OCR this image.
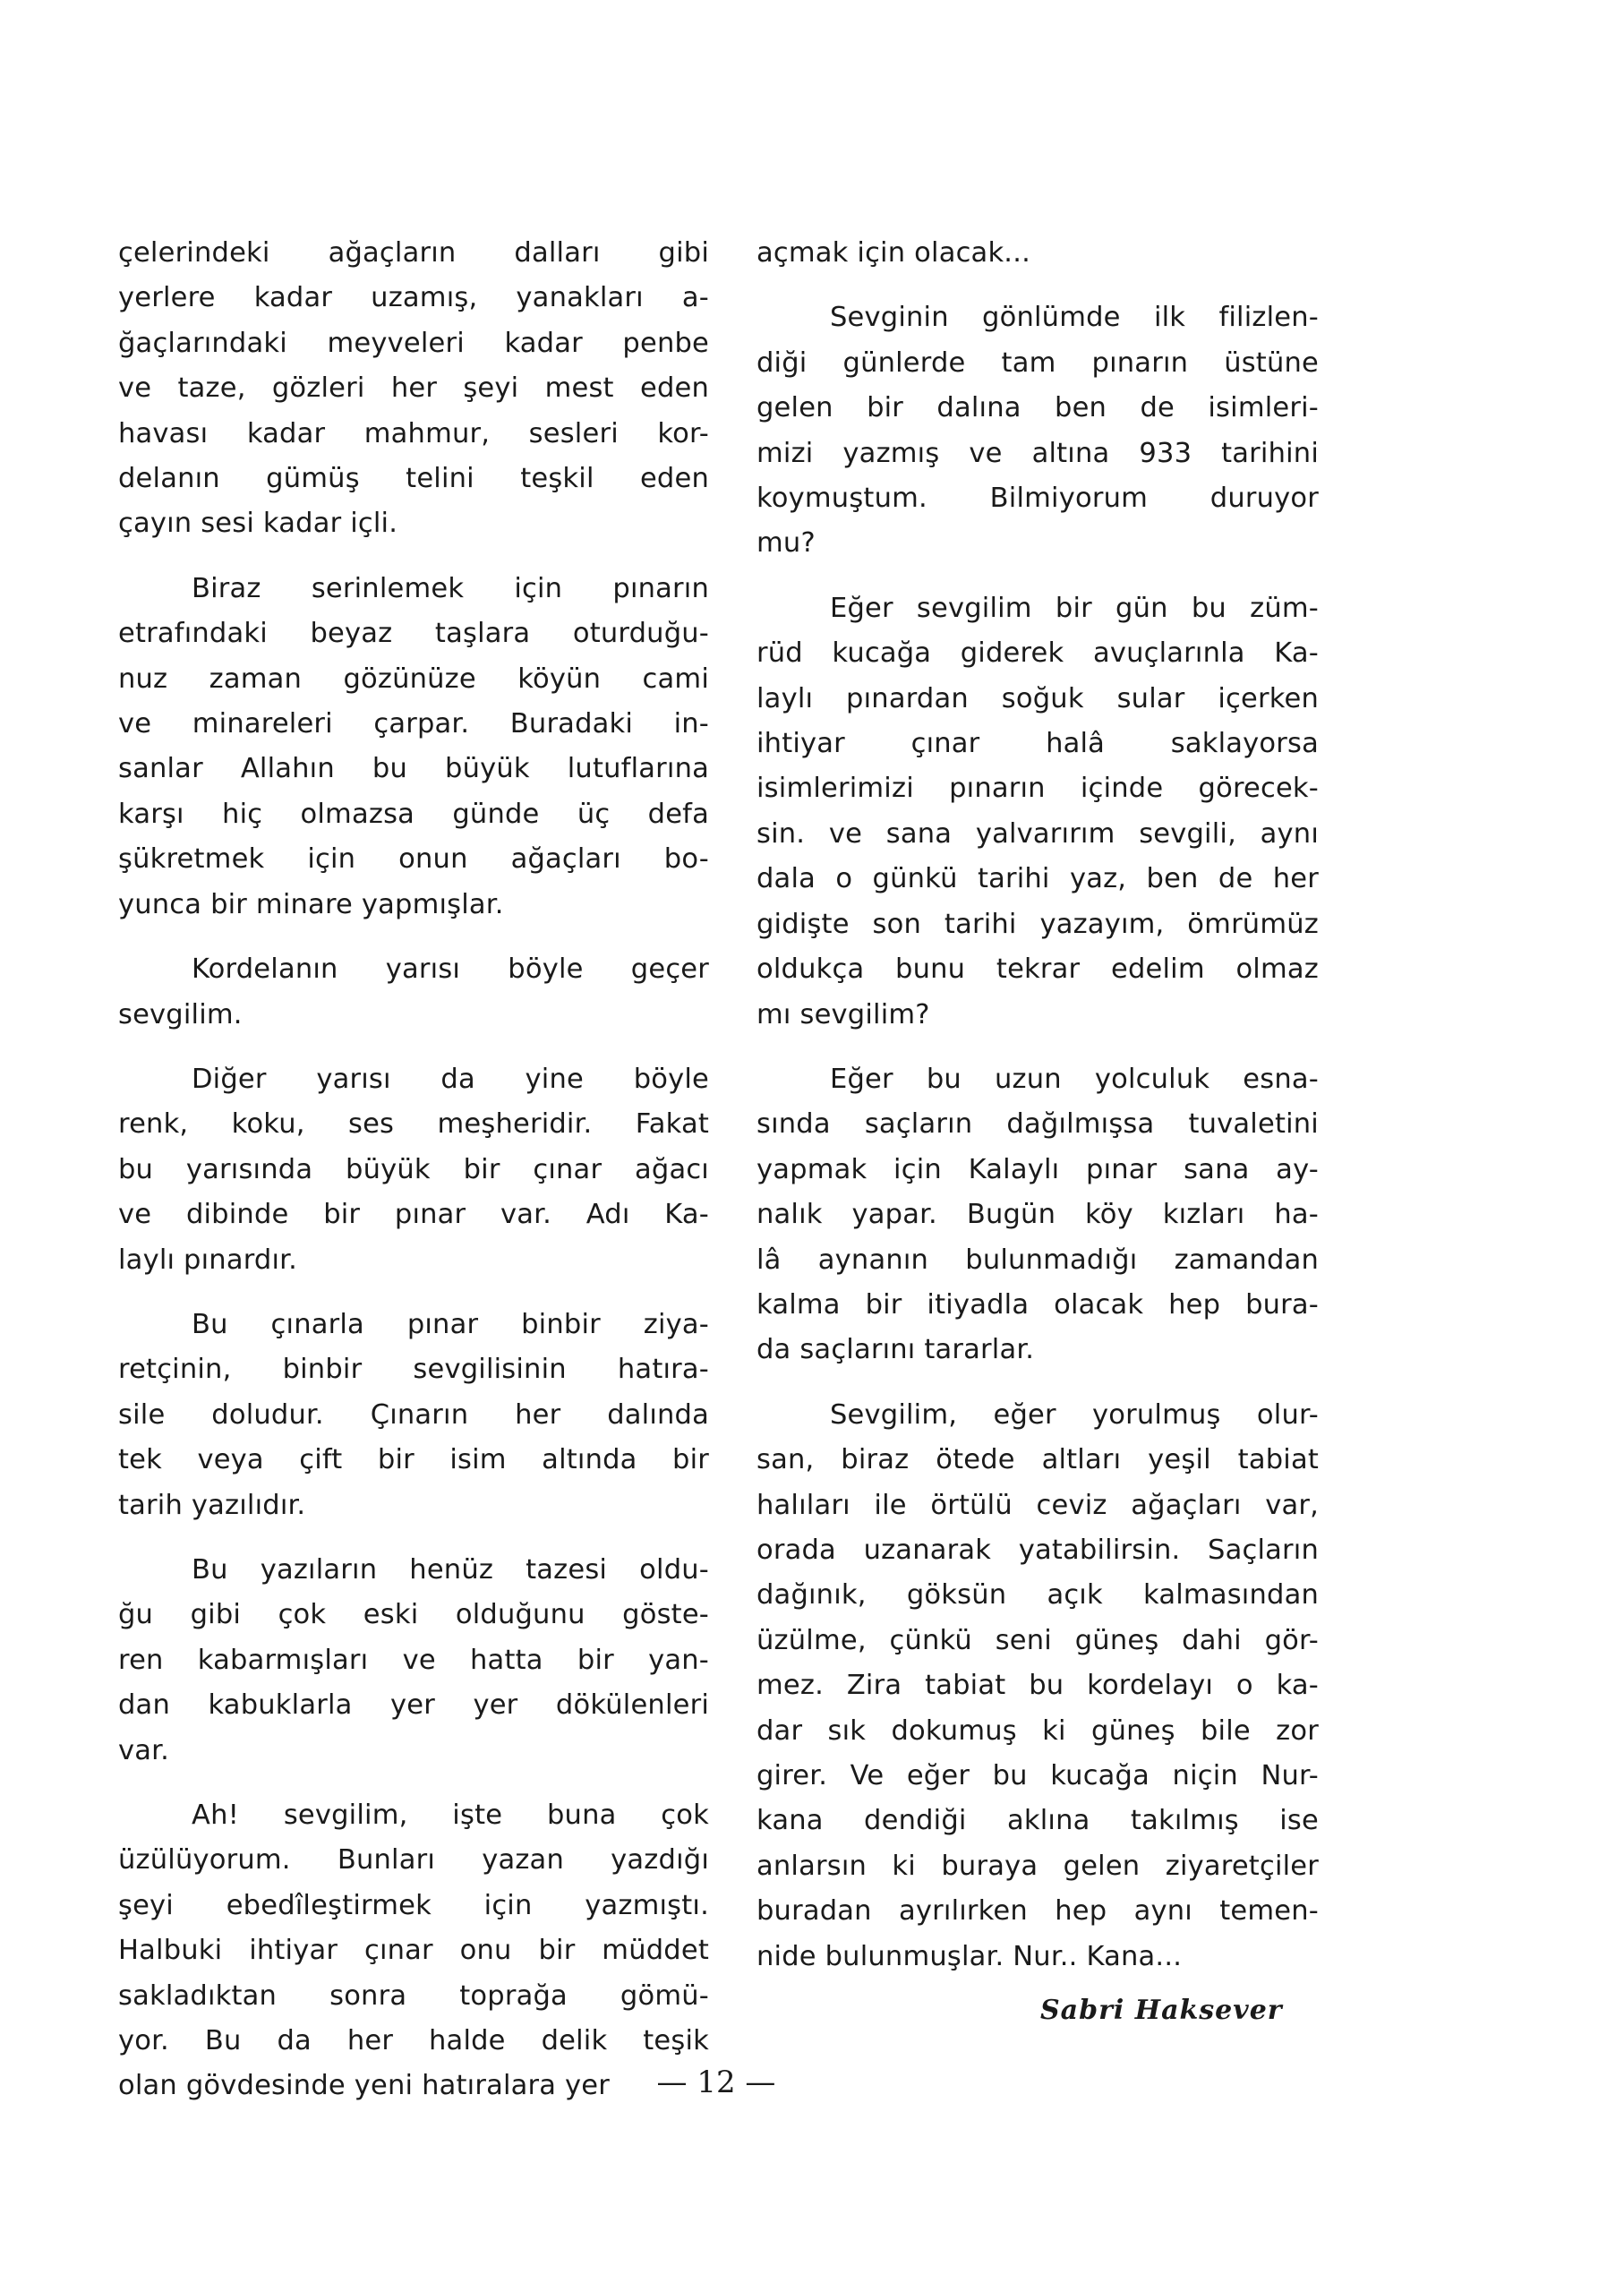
çelerindeki ağaçların dalları gibi
yerlere kadar uzamış, yanakları a-
ğaçlarındaki meyveleri kadar penbe
ve taze, gözleri her şeyi mest eden
havası kadar mahmur, sesleri kor-
delanın gümüş telini teşkil eden
çayın sesi kadar içli.

Biraz serinlemek için pınarın
etrafındaki beyaz taşlara oturduğu-
nuz zaman gözünüze köyün cami
ve minareleri çarpar. Buradaki in-
sanlar Allahın bu büyük lutuflarına
karşı hiç olmazsa günde üç defa
şükretmek için onun ağaçları bo-
yunca bir minare yapmışlar.

Kordelanın yarısı böyle geçer
sevgilim.

Diğer yarısı da yine böyle
renk, koku, ses meşheridir. Fakat
bu yarısında büyük bir çınar ağacı
ve dibinde bir pınar var. Adı Ka-
laylı pınardır.

Bu çınarla pınar binbir ziya-
retçinin, binbir sevgilisinin hatıra-
sile doludur. Çınarın her dalında
tek veya çift bir isim altında bir
tarih yazılıdır.

Bu yazıların henüz tazesi oldu-
ğu gibi çok eski olduğunu göste-
ren kabarmışları ve hatta bir yan-
dan kabuklarla yer yer dökülenleri
var.

Ah! sevgilim, işte buna çok
üzülüyorum. Bunları yazan yazdığı
şeyi ebedîleştirmek için yazmıştı.
Halbuki ihtiyar çınar onu bir müddet
sakladıktan sonra toprağa gömü-
yor. Bu da her halde delik teşik
olan gövdesinde yeni hatıralara yer

açmak için olacak...

Sevginin gönlümde ilk filizlen-
diği günlerde tam pınarın üstüne
gelen bir dalına ben de isimleri-
mizi yazmış ve altına 933 tarihini
koymuştum. Bilmiyorum duruyor
mu?

Eğer sevgilim bir gün bu züm-
rüd kucağa giderek avuçlarınla Ka-
laylı pınardan soğuk sular içerken
ihtiyar çınar halâ saklayorsa
isimlerimizi pınarın içinde görecek-
sin. ve sana yalvarırım sevgili, aynı
dala o günkü tarihi yaz, ben de her
gidişte son tarihi yazayım, ömrümüz
oldukça bunu tekrar edelim olmaz
mı sevgilim?

Eğer bu uzun yolculuk esna-
sında saçların dağılmışsa tuvaletini
yapmak için Kalaylı pınar sana ay-
nalık yapar. Bugün köy kızları ha-
lâ aynanın bulunmadığı zamandan
kalma bir itiyadla olacak hep bura-
da saçlarını tararlar.

Sevgilim, eğer yorulmuş olur-
san, biraz ötede altları yeşil tabiat
halıları ile örtülü ceviz ağaçları var,
orada uzanarak yatabilirsin. Saçların
dağınık, göksün açık kalmasından
üzülme, çünkü seni güneş dahi gör-
mez. Zira tabiat bu kordelayı o ka-
dar sık dokumuş ki güneş bile zor
girer. Ve eğer bu kucağa niçin Nur-
kana dendiği aklına takılmış ise
anlarsın ki buraya gelen ziyaretçiler
buradan ayrılırken hep aynı temen-
nide bulunmuşlar. Nur.. Kana...

Sabri Haksever
— 12 —
